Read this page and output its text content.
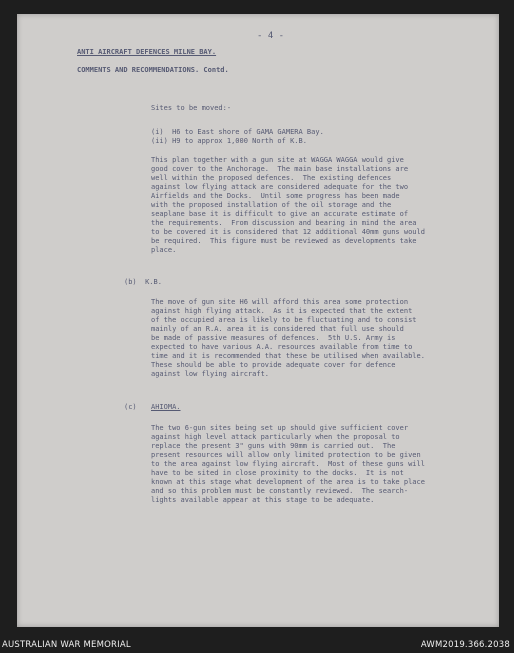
- 4 -
ANTI AIRCRAFT DEFENCES MILNE BAY.
COMMENTS AND RECOMMENDATIONS. Contd.
Sites to be moved:-
(i)  H6 to East shore of GAMA GAMERA Bay.
(ii) H9 to approx 1,000 North of K.B.
This plan together with a gun site at WAGGA WAGGA would give
good cover to the Anchorage.  The main base installations are
well within the proposed defences.  The existing defences
against low flying attack are considered adequate for the two
Airfields and the Docks.  Until some progress has been made
with the proposed installation of the oil storage and the
seaplane base it is difficult to give an accurate estimate of
the requirements.  From discussion and bearing in mind the area
to be covered it is considered that 12 additional 40mm guns would
be required.  This figure must be reviewed as developments take
place.
(b)  K.B.
The move of gun site H6 will afford this area some protection
against high flying attack.  As it is expected that the extent
of the occupied area is likely to be fluctuating and to consist
mainly of an R.A. area it is considered that full use should
be made of passive measures of defences.  5th U.S. Army is
expected to have various A.A. resources available from time to
time and it is recommended that these be utilised when available.
These should be able to provide adequate cover for defence
against low flying aircraft.
(c) AHIOMA.
The two 6-gun sites being set up should give sufficient cover
against high level attack particularly when the proposal to
replace the present 3" guns with 90mm is carried out.  The
present resources will allow only limited protection to be given
to the area against low flying aircraft.  Most of these guns will
have to be sited in close proximity to the docks.  It is not
known at this stage what development of the area is to take place
and so this problem must be constantly reviewed.  The search-
lights available appear at this stage to be adequate.
AUSTRALIAN WAR MEMORIAL	AWM2019.366.2038
